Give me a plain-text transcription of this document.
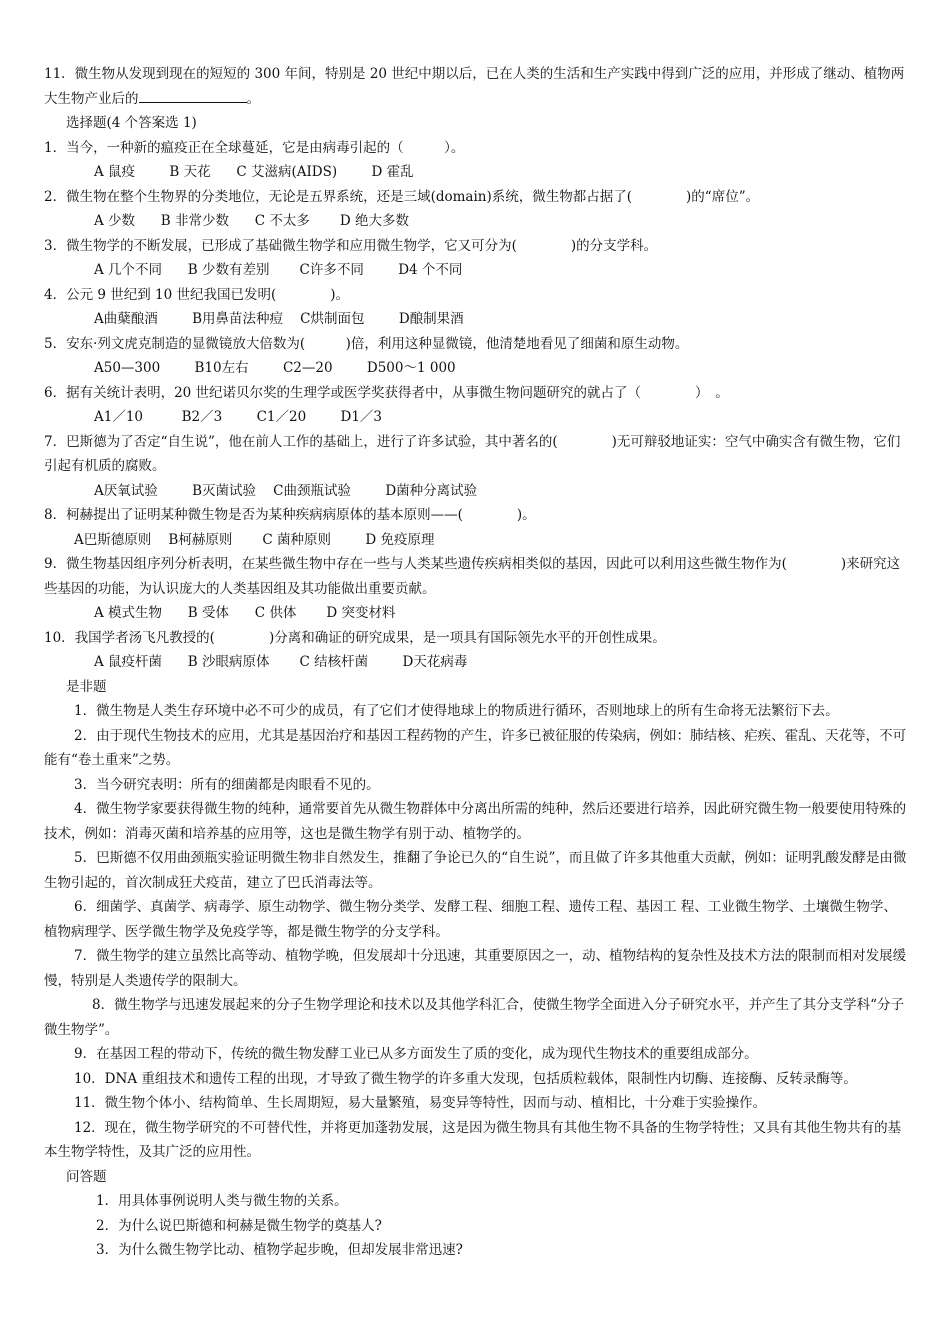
11．微生物从发现到现在的短短的 300 年间，特别是 20 世纪中期以后，已在人类的生活和生产实践中得到广泛的应用，并形成了继动、植物两大生物产业后的	。

选择题(4 个答案选 1)

1．当今，一种新的瘟疫正在全球蔓延，它是由病毒引起的（　　　）。

A 鼠疫        B 天花      C 艾滋病(AIDS)        D 霍乱

2．微生物在整个生物界的分类地位，无论是五界系统，还是三域(domain)系统，微生物都占据了(　　　　)的“席位”。

A 少数      B 非常少数      C 不太多       D 绝大多数

3．微生物学的不断发展，已形成了基础微生物学和应用微生物学，它又可分为(　　　　)的分支学科。

A 几个不同      B 少数有差别       C许多不同        D4 个不同

4．公元 9 世纪到 10 世纪我国已发明(　　　　)。

A曲蘖酿酒        B用鼻苗法种痘    C烘制面包        D酿制果酒

5．安东·列文虎克制造的显微镜放大倍数为(　　　)倍，利用这种显微镜，他清楚地看见了细菌和原生动物。

A50—300        B10左右        C2—20        D500～1 000

6．据有关统计表明，20 世纪诺贝尔奖的生理学或医学奖获得者中，从事微生物问题研究的就占了（　　　　）　。

A1／10         B2／3        C1／20        D1／3

7．巴斯德为了否定“自生说”，他在前人工作的基础上，进行了许多试验，其中著名的(　　　　)无可辩驳地证实：空气中确实含有微生物，它们引起有机质的腐败。

A厌氧试验        B灭菌试验    C曲颈瓶试验        D菌种分离试验

8．柯赫提出了证明某种微生物是否为某种疾病病原体的基本原则——(　　　　)。

A巴斯德原则    B柯赫原则       C 菌种原则        D 免疫原理

9．微生物基因组序列分析表明，在某些微生物中存在一些与人类某些遗传疾病相类似的基因，因此可以利用这些微生物作为(　　　　)来研究这些基因的功能，为认识庞大的人类基因组及其功能做出重要贡献。

A 模式生物      B 受体      C 供体       D 突变材料

10．我国学者汤飞凡教授的(　　　　)分离和确证的研究成果，是一项具有国际领先水平的开创性成果。

A 鼠疫杆菌      B 沙眼病原体       C 结核杆菌        D天花病毒

是非题

1．微生物是人类生存环境中必不可少的成员，有了它们才使得地球上的物质进行循环，否则地球上的所有生命将无法繁衍下去。

2．由于现代生物技术的应用，尤其是基因治疗和基因工程药物的产生，许多已被征服的传染病，例如：肺结核、疟疾、霍乱、天花等，不可能有“卷土重来”之势。

3．当今研究表明：所有的细菌都是肉眼看不见的。

4．微生物学家要获得微生物的纯种，通常要首先从微生物群体中分离出所需的纯种，然后还要进行培养，因此研究微生物一般要使用特殊的技术，例如：消毒灭菌和培养基的应用等，这也是微生物学有别于动、植物学的。

5．巴斯德不仅用曲颈瓶实验证明微生物非自然发生，推翻了争论已久的“自生说”，而且做了许多其他重大贡献，例如：证明乳酸发酵是由微生物引起的，首次制成狂犬疫苗，建立了巴氏消毒法等。

6．细菌学、真菌学、病毒学、原生动物学、微生物分类学、发酵工程、细胞工程、遗传工程、基因工 程、工业微生物学、土壤微生物学、植物病理学、医学微生物学及免疫学等，都是微生物学的分支学科。

7．微生物学的建立虽然比高等动、植物学晚，但发展却十分迅速，其重要原因之一，动、植物结构的复杂性及技术方法的限制而相对发展缓慢，特别是人类遗传学的限制大。

8．微生物学与迅速发展起来的分子生物学理论和技术以及其他学科汇合，使微生物学全面进入分子研究水平，并产生了其分支学科“分子微生物学”。

9．在基因工程的带动下，传统的微生物发酵工业已从多方面发生了质的变化，成为现代生物技术的重要组成部分。

10．DNA 重组技术和遗传工程的出现，才导致了微生物学的许多重大发现，包括质粒载体，限制性内切酶、连接酶、反转录酶等。

11．微生物个体小、结构简单、生长周期短，易大量繁殖，易变异等特性，因而与动、植相比，十分难于实验操作。

12．现在，微生物学研究的不可替代性，并将更加蓬勃发展，这是因为微生物具有其他生物不具备的生物学特性；又具有其他生物共有的基本生物学特性，及其广泛的应用性。

问答题

1．用具体事例说明人类与微生物的关系。
2．为什么说巴斯德和柯赫是微生物学的奠基人?
3．为什么微生物学比动、植物学起步晚，但却发展非常迅速?
